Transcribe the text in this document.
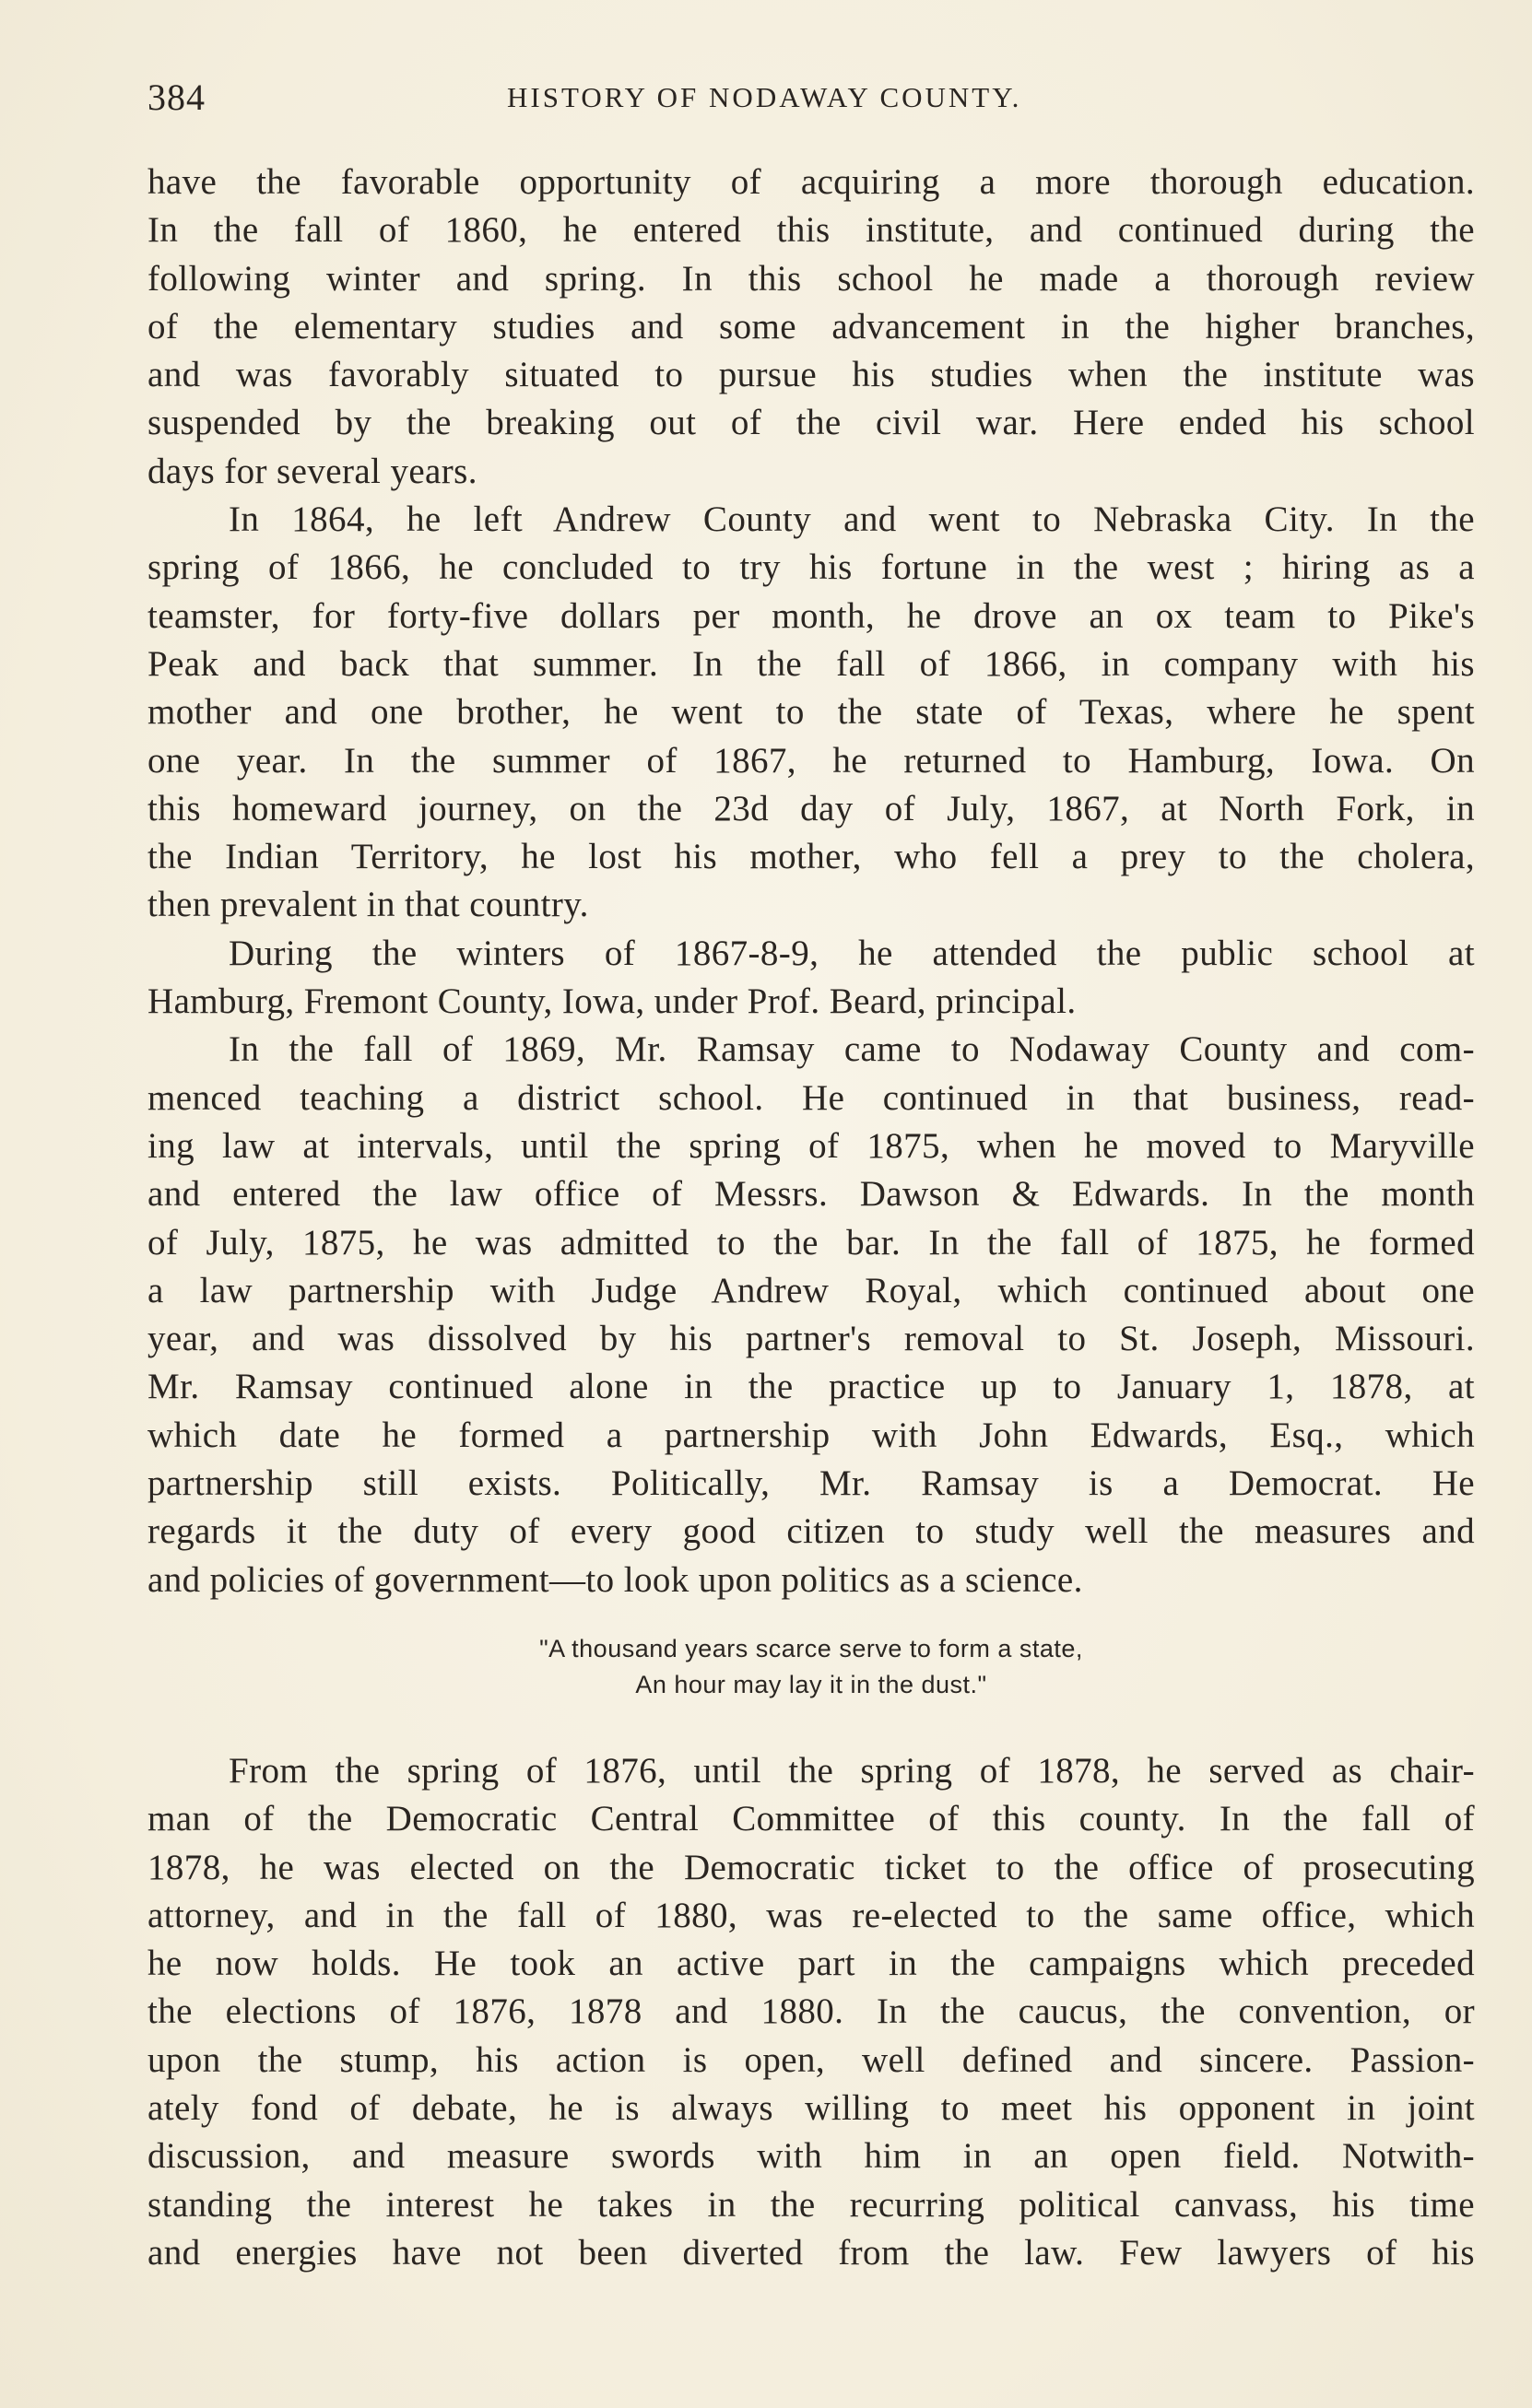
384	HISTORY OF NODAWAY COUNTY.
have the favorable opportunity of acquiring a more thorough education.
In the fall of 1860, he entered this institute, and continued during the
following winter and spring. In this school he made a thorough review
of the elementary studies and some advancement in the higher branches,
and was favorably situated to pursue his studies when the institute was
suspended by the breaking out of the civil war. Here ended his school
days for several years.
In 1864, he left Andrew County and went to Nebraska City. In the
spring of 1866, he concluded to try his fortune in the west ; hiring as a
teamster, for forty-five dollars per month, he drove an ox team to Pike's
Peak and back that summer. In the fall of 1866, in company with his
mother and one brother, he went to the state of Texas, where he spent
one year. In the summer of 1867, he returned to Hamburg, Iowa. On
this homeward journey, on the 23d day of July, 1867, at North Fork, in
the Indian Territory, he lost his mother, who fell a prey to the cholera,
then prevalent in that country.
During the winters of 1867-8-9, he attended the public school at
Hamburg, Fremont County, Iowa, under Prof. Beard, principal.
In the fall of 1869, Mr. Ramsay came to Nodaway County and com-
menced teaching a district school. He continued in that business, read-
ing law at intervals, until the spring of 1875, when he moved to Maryville
and entered the law office of Messrs. Dawson & Edwards. In the month
of July, 1875, he was admitted to the bar. In the fall of 1875, he formed
a law partnership with Judge Andrew Royal, which continued about one
year, and was dissolved by his partner's removal to St. Joseph, Missouri.
Mr. Ramsay continued alone in the practice up to January 1, 1878, at
which date he formed a partnership with John Edwards, Esq., which
partnership still exists. Politically, Mr. Ramsay is a Democrat. He
regards it the duty of every good citizen to study well the measures and
and policies of government—to look upon politics as a science.
"A thousand years scarce serve to form a state,
An hour may lay it in the dust."
From the spring of 1876, until the spring of 1878, he served as chair-
man of the Democratic Central Committee of this county. In the fall of
1878, he was elected on the Democratic ticket to the office of prosecuting
attorney, and in the fall of 1880, was re-elected to the same office, which
he now holds. He took an active part in the campaigns which preceded
the elections of 1876, 1878 and 1880. In the caucus, the convention, or
upon the stump, his action is open, well defined and sincere. Passion-
ately fond of debate, he is always willing to meet his opponent in joint
discussion, and measure swords with him in an open field. Notwith-
standing the interest he takes in the recurring political canvass, his time
and energies have not been diverted from the law. Few lawyers of his
